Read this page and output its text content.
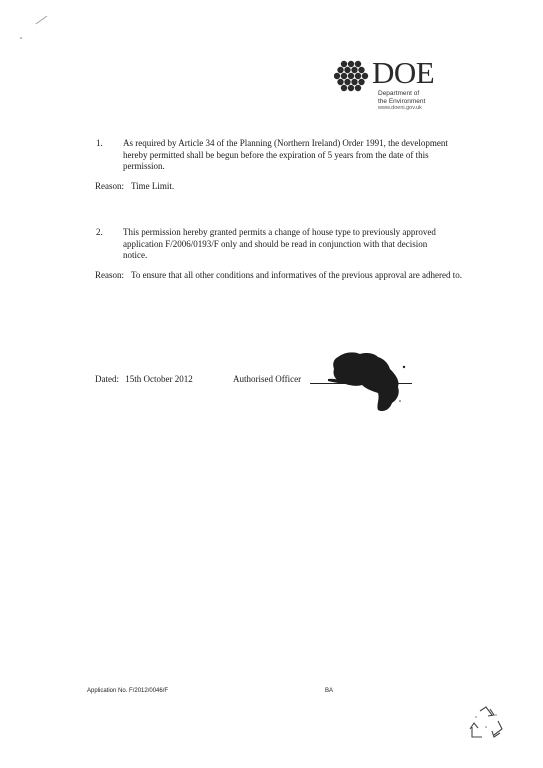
DOE
Department of
the Environment
www.doeni.gov.uk
1. As required by Article 34 of the Planning (Northern Ireland) Order 1991, the development hereby permitted shall be begun before the expiration of 5 years from the date of this permission.
Reason: Time Limit.
2. This permission hereby granted permits a change of house type to previously approved application F/2006/0193/F only and should be read in conjunction with that decision notice.
Reason: To ensure that all other conditions and informatives of the previous approval are adhered to.
Dated: 15th October 2012	Authorised Officer
Application No. F/2012/0046/F	BA
